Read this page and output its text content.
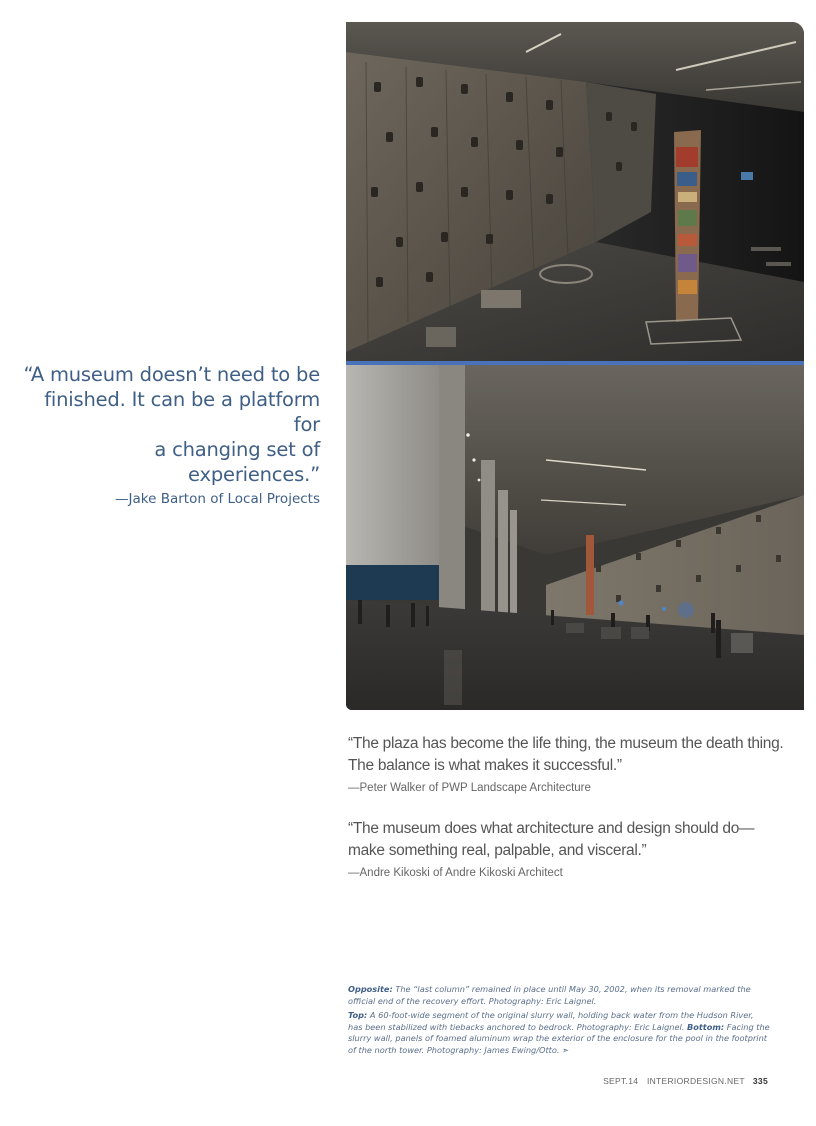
“A museum doesn’t need to be

finished. It can be a platform for

a changing set of experiences.”

—Jake Barton of Local Projects

“The plaza has become the life thing, the museum the death thing. The balance is what makes it successful.”

—Peter Walker of PWP Landscape Architecture

“The museum does what architecture and design should do—make something real, palpable, and visceral.”

—Andre Kikoski of Andre Kikoski Architect

Opposite: The “last column” remained in place until May 30, 2002, when its removal marked the official end of the recovery effort. Photography: Eric Laignel.

Top: A 60-foot-wide segment of the original slurry wall, holding back water from the Hudson River, has been stabilized with tiebacks anchored to bedrock. Photography: Eric Laignel. Bottom: Facing the slurry wall, panels of foamed aluminum wrap the exterior of the enclosure for the pool in the footprint of the north tower. Photography: James Ewing/Otto. ➣

SEPT.14 INTERIORDESIGN.NET 335
